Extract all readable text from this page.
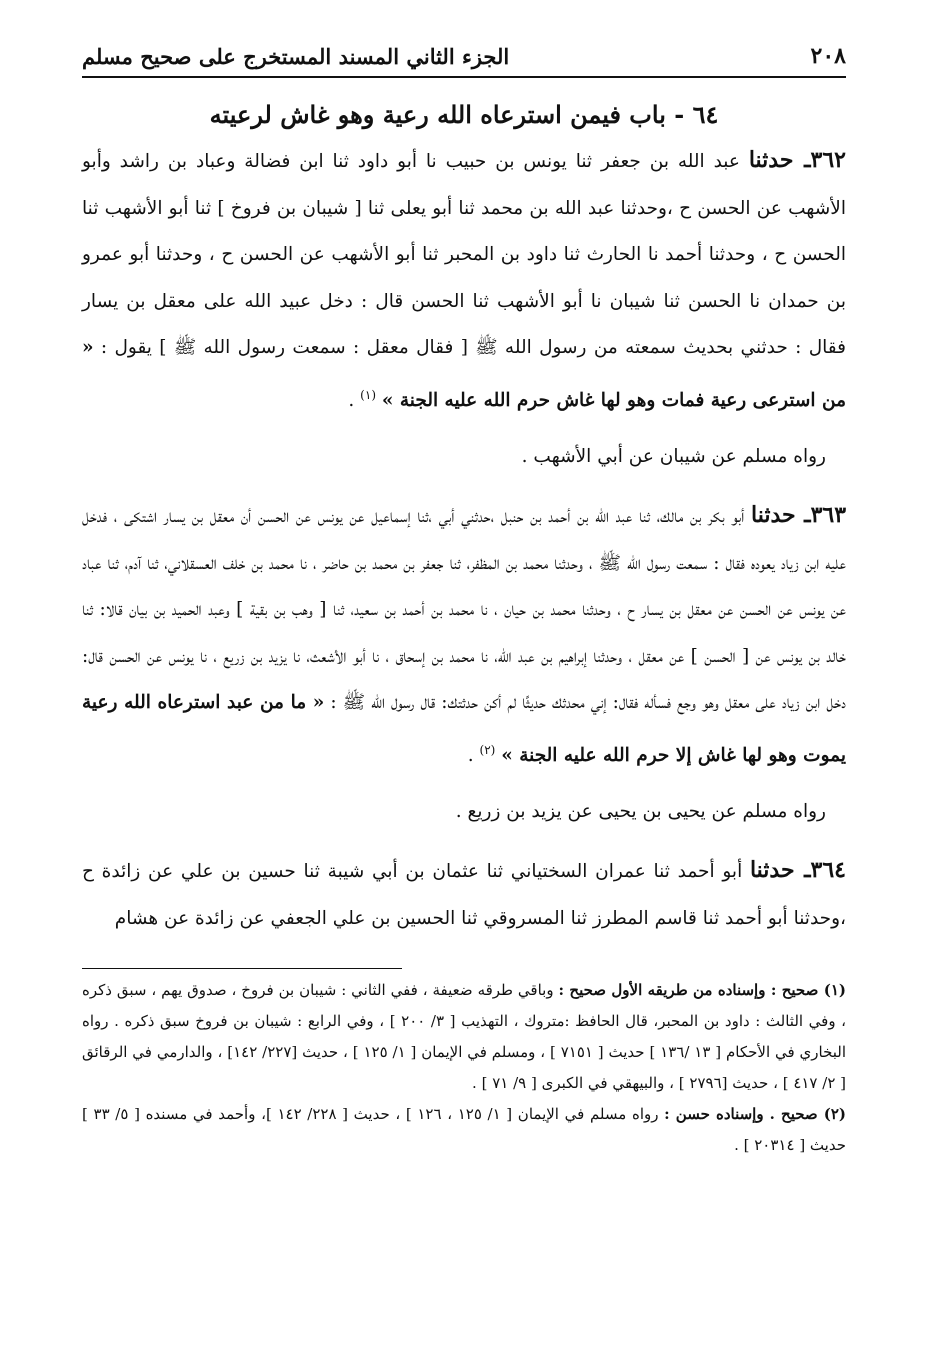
٢٠٨
الجزء الثاني المسند المستخرج على صحيح مسلم
٦٤ - باب فيمن استرعاه الله رعية وهو غاش لرعيته

٣٦٢ـ حدثنا عبد الله بن جعفر ثنا يونس بن حبيب نا أبو داود ثنا ابن فضالة وعباد بن راشد وأبو الأشهب عن الحسن ح ،وحدثنا عبد الله بن محمد ثنا أبو يعلى ثنا [ شيبان بن فروخ ] ثنا أبو الأشهب ثنا الحسن ح ، وحدثنا أحمد نا الحارث ثنا داود بن المحبر ثنا أبو الأشهب عن الحسن ح ، وحدثنا أبو عمرو بن حمدان نا الحسن ثنا شيبان نا أبو الأشهب ثنا الحسن قال : دخل عبيد الله على معقل بن يسار فقال : حدثني بحديث سمعته من رسول الله ﷺ [ فقال معقل : سمعت رسول الله ﷺ ] يقول : « من استرعى رعية فمات وهو لها غاش حرم الله عليه الجنة » $^{(١)}$ .

رواه مسلم عن شيبان عن أبي الأشهب .

٣٦٣ـ حدثنا أبو بكر بن مالك، ثنا عبد الله بن أحمد بن حنبل ،حدثني أبي ،ثنا إسماعيل عن يونس عن الحسن أن معقل بن يسار اشتكى ، فدخل عليه ابن زياد يعوده فقال : سمعت رسول الله ﷺ ، وحدثنا محمد بن المظفر، ثنا جعفر بن محمد بن حاضر ، نا محمد بن خلف العسقلاني، ثنا آدم، ثنا عباد عن يونس عن الحسن عن معقل بن يسار ح ، وحدثنا محمد بن حيان ، نا محمد بن أحمد بن سعيد، ثنا [ وهب بن بقية ] وعبد الحميد بن بيان قالا: ثنا خالد بن يونس عن [ الحسن ] عن معقل ، وحدثنا إبراهيم بن عبد الله، نا محمد بن إسحاق ، نا أبو الأشعث، نا يزيد بن زريع ، نا يونس عن الحسن قال: دخل ابن زياد على معقل وهو وجع فسأله فقال: إني محدثك حديثًا لم أكن حدثتك: قال رسول الله ﷺ : « ما من عبد استرعاه الله رعية يموت وهو لها غاش إلا حرم الله عليه الجنة » $^{(٢)}$ .

رواه مسلم عن يحيى بن يحيى عن يزيد بن زريع .

٣٦٤ـ حدثنا أبو أحمد ثنا عمران السختياني ثنا عثمان بن أبي شيبة ثنا حسين بن علي عن زائدة ح ،وحدثنا أبو أحمد ثنا قاسم المطرز ثنا المسروقي ثنا الحسين بن علي الجعفي عن زائدة عن هشام

(١) صحيح : وإسناده من طريقه الأول صحيح : وباقي طرقه ضعيفة ، ففي الثاني : شيبان بن فروخ ، صدوق يهم ، سبق ذكره ، وفي الثالث : داود بن المحبر، قال الحافظ :متروك ، التهذيب [ ٣/ ٢٠٠ ] ، وفي الرابع : شيبان بن فروخ سبق ذكره . رواه البخاري في الأحكام [ ١٣ /١٣٦ ] حديث [ ٧١٥١ ] ، ومسلم في الإيمان [ ١/ ١٢٥ ] ، حديث [٢٢٧/ ١٤٢] ، والدارمي في الرقائق [ ٢/ ٤١٧ ] ، حديث [٢٧٩٦ ] ، والبيهقي في الكبرى [ ٩/ ٧١ ] .

(٢) صحيح . وإسناده حسن : رواه مسلم في الإيمان [ ١/ ١٢٥ ، ١٢٦ ] ، حديث [ ٢٢٨/ ١٤٢ ]، وأحمد في مسنده [ ٥/ ٣٣ ] حديث [ ٢٠٣١٤ ] .
